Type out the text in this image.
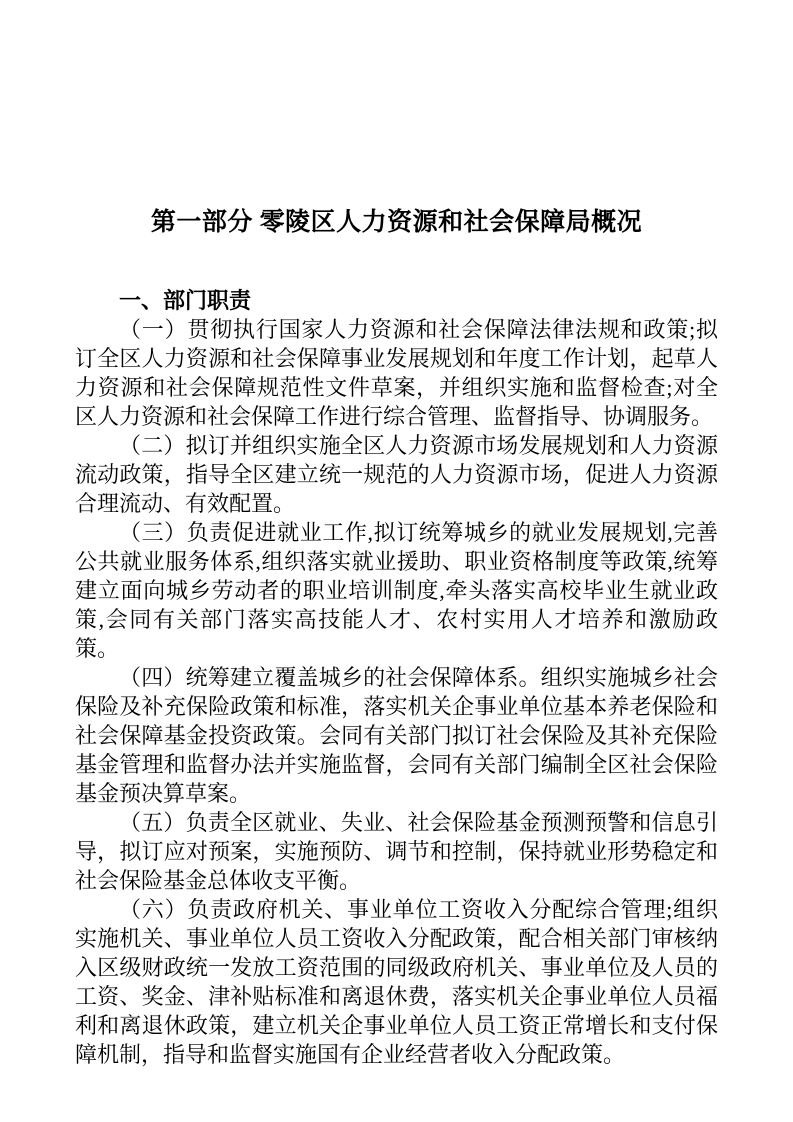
第一部分 零陵区人力资源和社会保障局概况
一、部门职责

（一）贯彻执行国家人力资源和社会保障法律法规和政策;拟订全区人力资源和社会保障事业发展规划和年度工作计划，起草人力资源和社会保障规范性文件草案，并组织实施和监督检查;对全区人力资源和社会保障工作进行综合管理、监督指导、协调服务。

（二）拟订并组织实施全区人力资源市场发展规划和人力资源流动政策，指导全区建立统一规范的人力资源市场，促进人力资源合理流动、有效配置。

（三）负责促进就业工作,拟订统筹城乡的就业发展规划,完善公共就业服务体系,组织落实就业援助、职业资格制度等政策,统筹建立面向城乡劳动者的职业培训制度,牵头落实高校毕业生就业政策,会同有关部门落实高技能人才、农村实用人才培养和激励政策。

（四）统筹建立覆盖城乡的社会保障体系。组织实施城乡社会保险及补充保险政策和标准，落实机关企事业单位基本养老保险和社会保障基金投资政策。会同有关部门拟订社会保险及其补充保险基金管理和监督办法并实施监督，会同有关部门编制全区社会保险基金预决算草案。

（五）负责全区就业、失业、社会保险基金预测预警和信息引导，拟订应对预案，实施预防、调节和控制，保持就业形势稳定和社会保险基金总体收支平衡。

（六）负责政府机关、事业单位工资收入分配综合管理;组织实施机关、事业单位人员工资收入分配政策，配合相关部门审核纳入区级财政统一发放工资范围的同级政府机关、事业单位及人员的工资、奖金、津补贴标准和离退休费，落实机关企事业单位人员福利和离退休政策，建立机关企事业单位人员工资正常增长和支付保障机制，指导和监督实施国有企业经营者收入分配政策。
